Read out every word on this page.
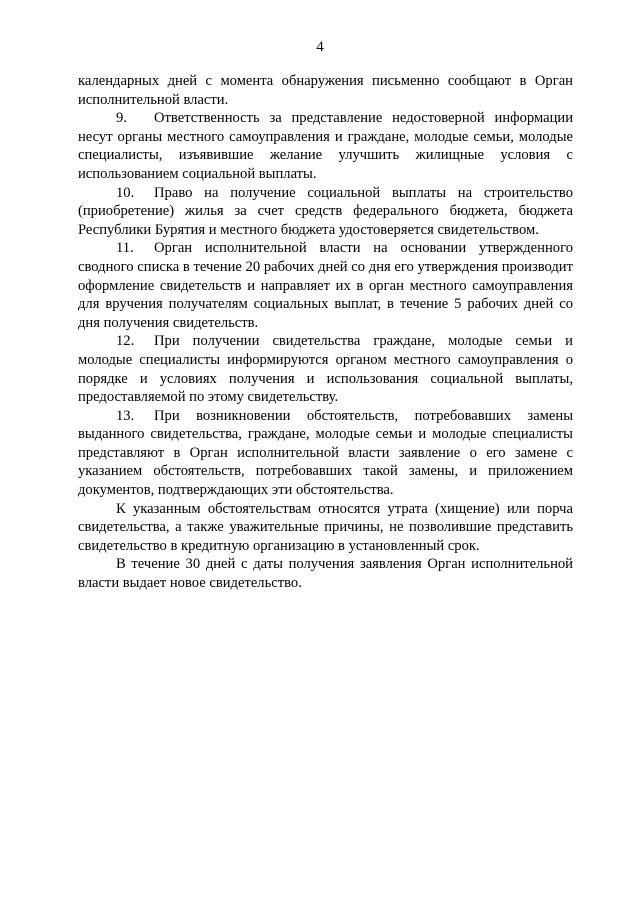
4

календарных дней с момента обнаружения письменно сообщают в Орган исполнительной власти.

9. Ответственность за представление недостоверной информации несут органы местного самоуправления и граждане, молодые семьи, молодые специалисты, изъявившие желание улучшить жилищные условия с использованием социальной выплаты.

10. Право на получение социальной выплаты на строительство (приобретение) жилья за счет средств федерального бюджета, бюджета Республики Бурятия и местного бюджета удостоверяется свидетельством.

11. Орган исполнительной власти на основании утвержденного сводного списка в течение 20 рабочих дней со дня его утверждения производит оформление свидетельств и направляет их в орган местного самоуправления для вручения получателям социальных выплат, в течение 5 рабочих дней со дня получения свидетельств.

12. При получении свидетельства граждане, молодые семьи и молодые специалисты информируются органом местного самоуправления о порядке и условиях получения и использования социальной выплаты, предоставляемой по этому свидетельству.

13. При возникновении обстоятельств, потребовавших замены выданного свидетельства, граждане, молодые семьи и молодые специалисты представляют в Орган исполнительной власти заявление о его замене с указанием обстоятельств, потребовавших такой замены, и приложением документов, подтверждающих эти обстоятельства.

К указанным обстоятельствам относятся утрата (хищение) или порча свидетельства, а также уважительные причины, не позволившие представить свидетельство в кредитную организацию в установленный срок.

В течение 30 дней с даты получения заявления Орган исполнительной власти выдает новое свидетельство.
